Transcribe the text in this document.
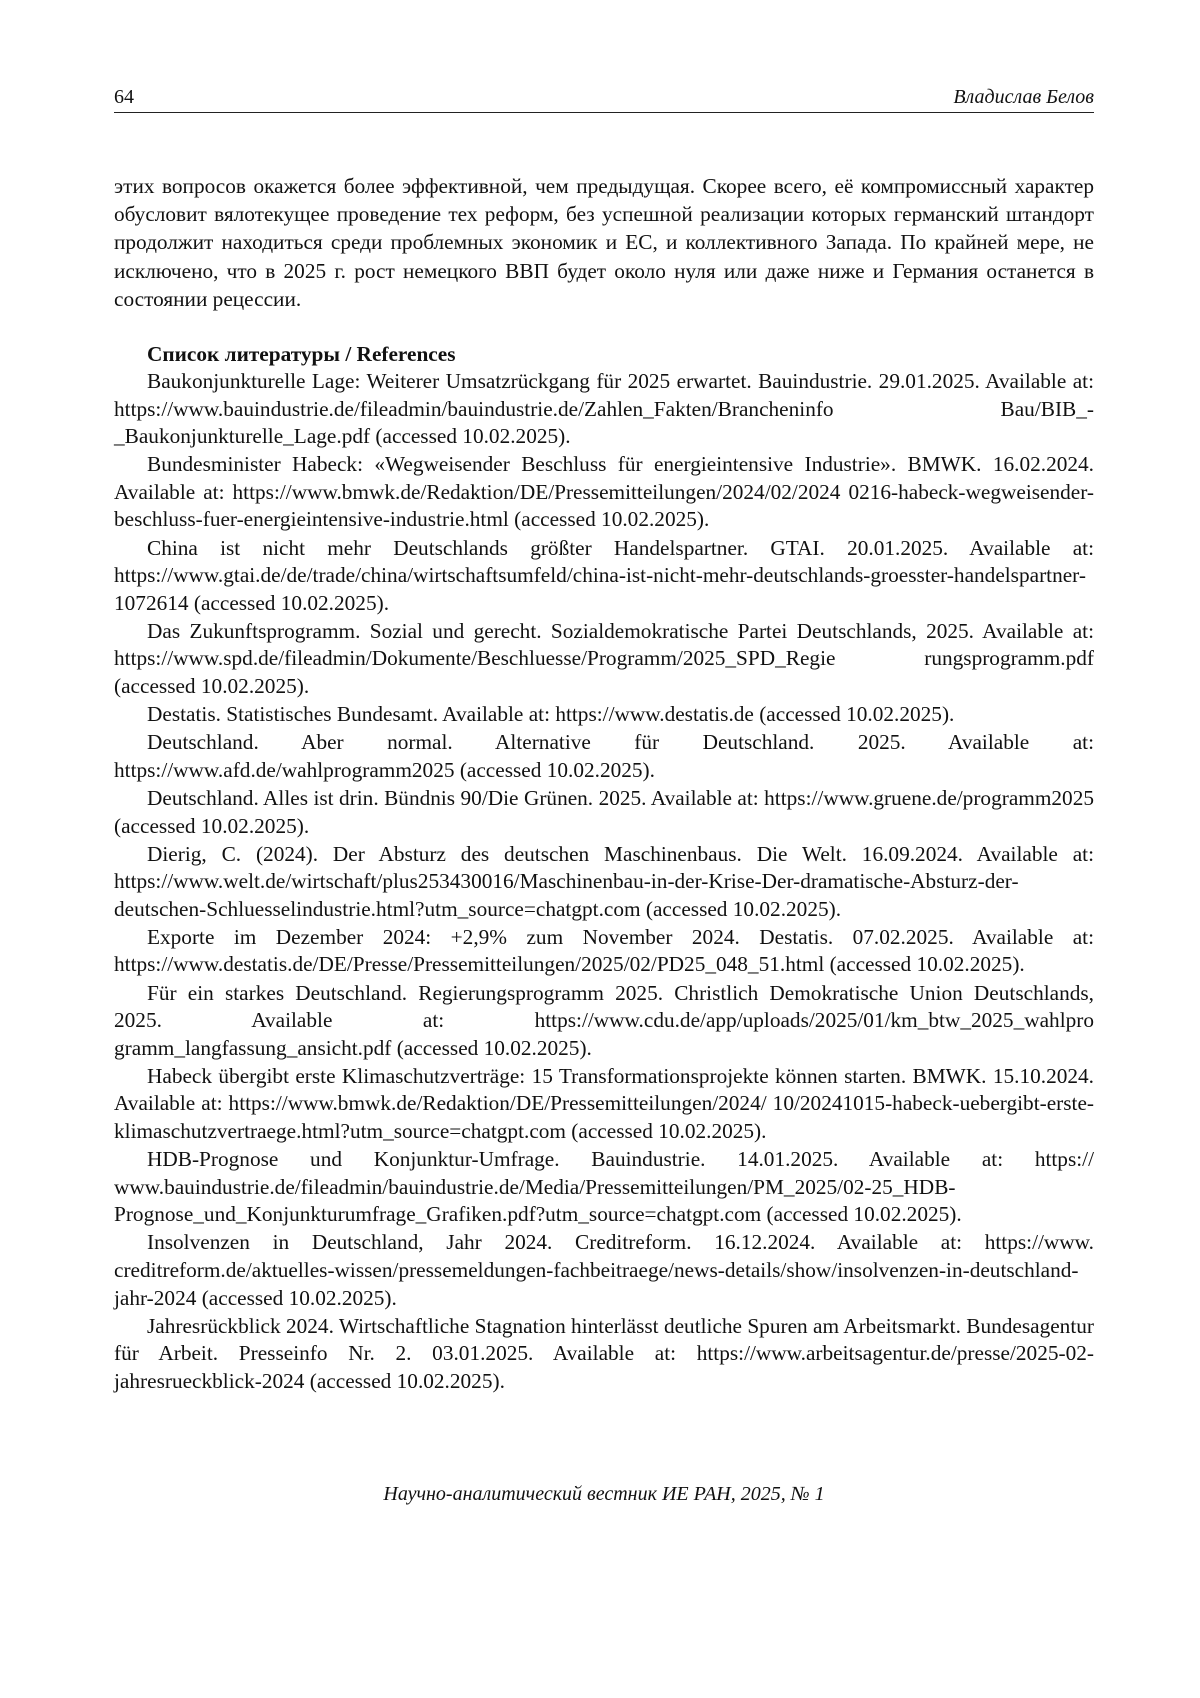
64	Владислав Белов

этих вопросов окажется более эффективной, чем предыдущая. Скорее всего, её компромиссный характер обусловит вялотекущее проведение тех реформ, без успешной реализации которых германский штандорт продолжит находиться среди проблемных экономик и ЕС, и коллективного Запада. По крайней мере, не исключено, что в 2025 г. рост немецкого ВВП будет около нуля или даже ниже и Германия останется в состоянии рецессии.

Список литературы / References

Baukonjunkturelle Lage: Weiterer Umsatzrückgang für 2025 erwartet. Bauindustrie. 29.01.2025. Available at: https://www.bauindustrie.de/fileadmin/bauindustrie.de/Zahlen_Fakten/Brancheninfo Bau/BIB_-_Baukonjunkturelle_Lage.pdf (accessed 10.02.2025).
Bundesminister Habeck: «Wegweisender Beschluss für energieintensive Industrie». BMWK. 16.02.2024. Available at: https://www.bmwk.de/Redaktion/DE/Pressemitteilungen/2024/02/2024 0216-habeck-wegweisender-beschluss-fuer-energieintensive-industrie.html (accessed 10.02.2025).
China ist nicht mehr Deutschlands größter Handelspartner. GTAI. 20.01.2025. Available at: https://www.gtai.de/de/trade/china/wirtschaftsumfeld/china-ist-nicht-mehr-deutschlands-groesster-handelspartner-1072614 (accessed 10.02.2025).
Das Zukunftsprogramm. Sozial und gerecht. Sozialdemokratische Partei Deutschlands, 2025. Available at: https://www.spd.de/fileadmin/Dokumente/Beschluesse/Programm/2025_SPD_Regie rungsprogramm.pdf (accessed 10.02.2025).
Destatis. Statistisches Bundesamt. Available at: https://www.destatis.de (accessed 10.02.2025).
Deutschland. Aber normal. Alternative für Deutschland. 2025. Available at: https://www.afd.de/wahlprogramm2025 (accessed 10.02.2025).
Deutschland. Alles ist drin. Bündnis 90/Die Grünen. 2025. Available at: https://www.gruene.de/programm2025 (accessed 10.02.2025).
Dierig, C. (2024). Der Absturz des deutschen Maschinenbaus. Die Welt. 16.09.2024. Available at: https://www.welt.de/wirtschaft/plus253430016/Maschinenbau-in-der-Krise-Der-dramatische-Absturz-der-deutschen-Schluesselindustrie.html?utm_source=chatgpt.com (accessed 10.02.2025).
Exporte im Dezember 2024: +2,9% zum November 2024. Destatis. 07.02.2025. Available at: https://www.destatis.de/DE/Presse/Pressemitteilungen/2025/02/PD25_048_51.html (accessed 10.02.2025).
Für ein starkes Deutschland. Regierungsprogramm 2025. Christlich Demokratische Union Deutschlands, 2025. Available at: https://www.cdu.de/app/uploads/2025/01/km_btw_2025_wahlpro gramm_langfassung_ansicht.pdf (accessed 10.02.2025).
Habeck übergibt erste Klimaschutzverträge: 15 Transformationsprojekte können starten. BMWK. 15.10.2024. Available at: https://www.bmwk.de/Redaktion/DE/Pressemitteilungen/2024/ 10/20241015-habeck-uebergibt-erste-klimaschutzvertraege.html?utm_source=chatgpt.com (accessed 10.02.2025).
HDB-Prognose und Konjunktur-Umfrage. Bauindustrie. 14.01.2025. Available at: https:// www.bauindustrie.de/fileadmin/bauindustrie.de/Media/Pressemitteilungen/PM_2025/02-25_HDB-Prognose_und_Konjunkturumfrage_Grafiken.pdf?utm_source=chatgpt.com (accessed 10.02.2025).
Insolvenzen in Deutschland, Jahr 2024. Creditreform. 16.12.2024. Available at: https://www. creditreform.de/aktuelles-wissen/pressemeldungen-fachbeitraege/news-details/show/insolvenzen-in-deutschland-jahr-2024 (accessed 10.02.2025).
Jahresrückblick 2024. Wirtschaftliche Stagnation hinterlässt deutliche Spuren am Arbeitsmarkt. Bundesagentur für Arbeit. Presseinfo Nr. 2. 03.01.2025. Available at: https://www.arbeitsagentur.de/presse/2025-02-jahresrueckblick-2024 (accessed 10.02.2025).
Научно-аналитический вестник ИЕ РАН, 2025, № 1
